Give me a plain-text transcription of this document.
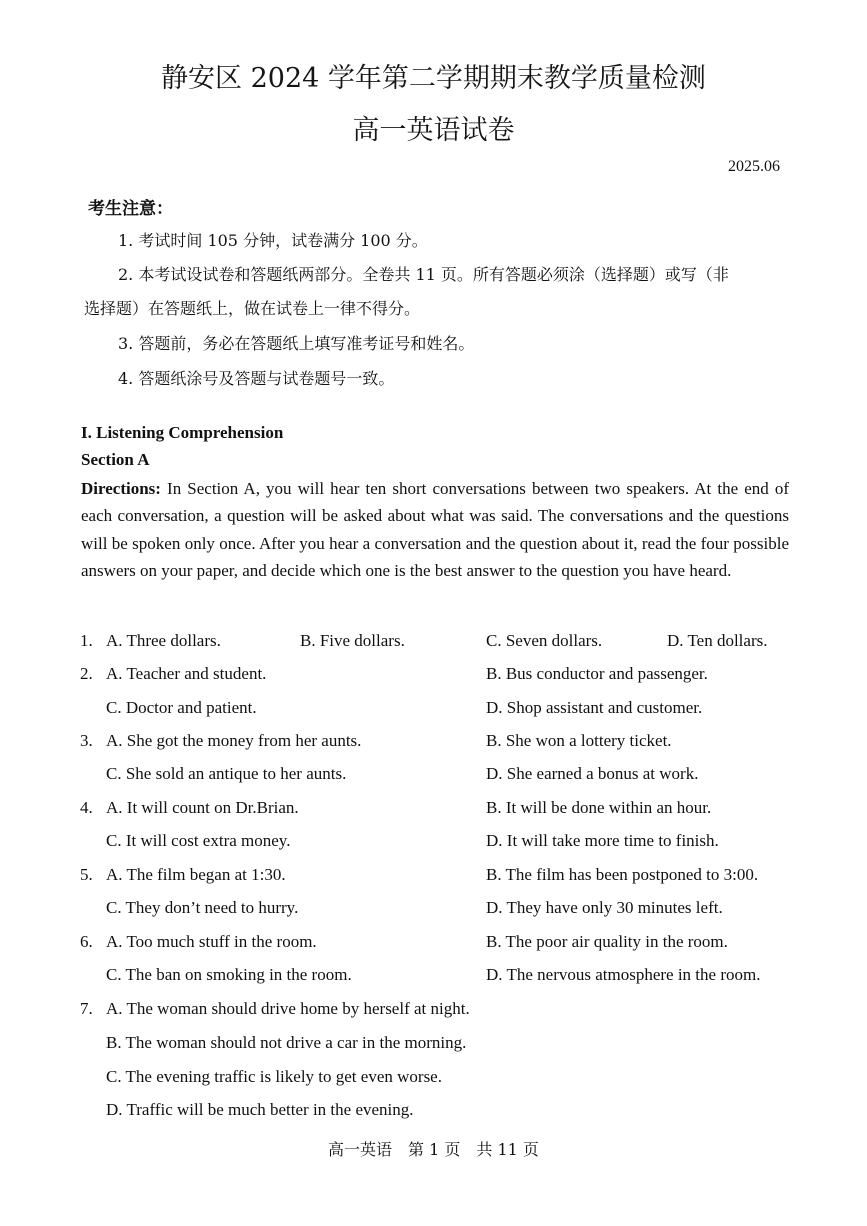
静安区 2024 学年第二学期期末教学质量检测
高一英语试卷
2025.06
考生注意：
1. 考试时间 105 分钟，试卷满分 100 分。
2. 本考试设试卷和答题纸两部分。全卷共 11 页。所有答题必须涂（选择题）或写（非
选择题）在答题纸上，做在试卷上一律不得分。
3. 答题前，务必在答题纸上填写准考证号和姓名。
4. 答题纸涂号及答题与试卷题号一致。
I. Listening Comprehension
Section A
Directions: In Section A, you will hear ten short conversations between two speakers. At the end of each conversation, a question will be asked about what was said. The conversations and the questions will be spoken only once. After you hear a conversation and the question about it, read the four possible answers on your paper, and decide which one is the best answer to the question you have heard.
1. A. Three dollars.	B. Five dollars.	C. Seven dollars.	D. Ten dollars.
2. A. Teacher and student.	B. Bus conductor and passenger.
C. Doctor and patient.	D. Shop assistant and customer.
3. A. She got the money from her aunts.	B. She won a lottery ticket.
C. She sold an antique to her aunts.	D. She earned a bonus at work.
4. A. It will count on Dr.Brian.	B. It will be done within an hour.
C. It will cost extra money.	D. It will take more time to finish.
5. A. The film began at 1:30.	B. The film has been postponed to 3:00.
C. They don’t need to hurry.	D. They have only 30 minutes left.
6. A. Too much stuff in the room.	B. The poor air quality in the room.
C. The ban on smoking in the room.	D. The nervous atmosphere in the room.
7. A. The woman should drive home by herself at night.
B. The woman should not drive a car in the morning.
C. The evening traffic is likely to get even worse.
D. Traffic will be much better in the evening.
高一英语　第 1 页　共 11 页
